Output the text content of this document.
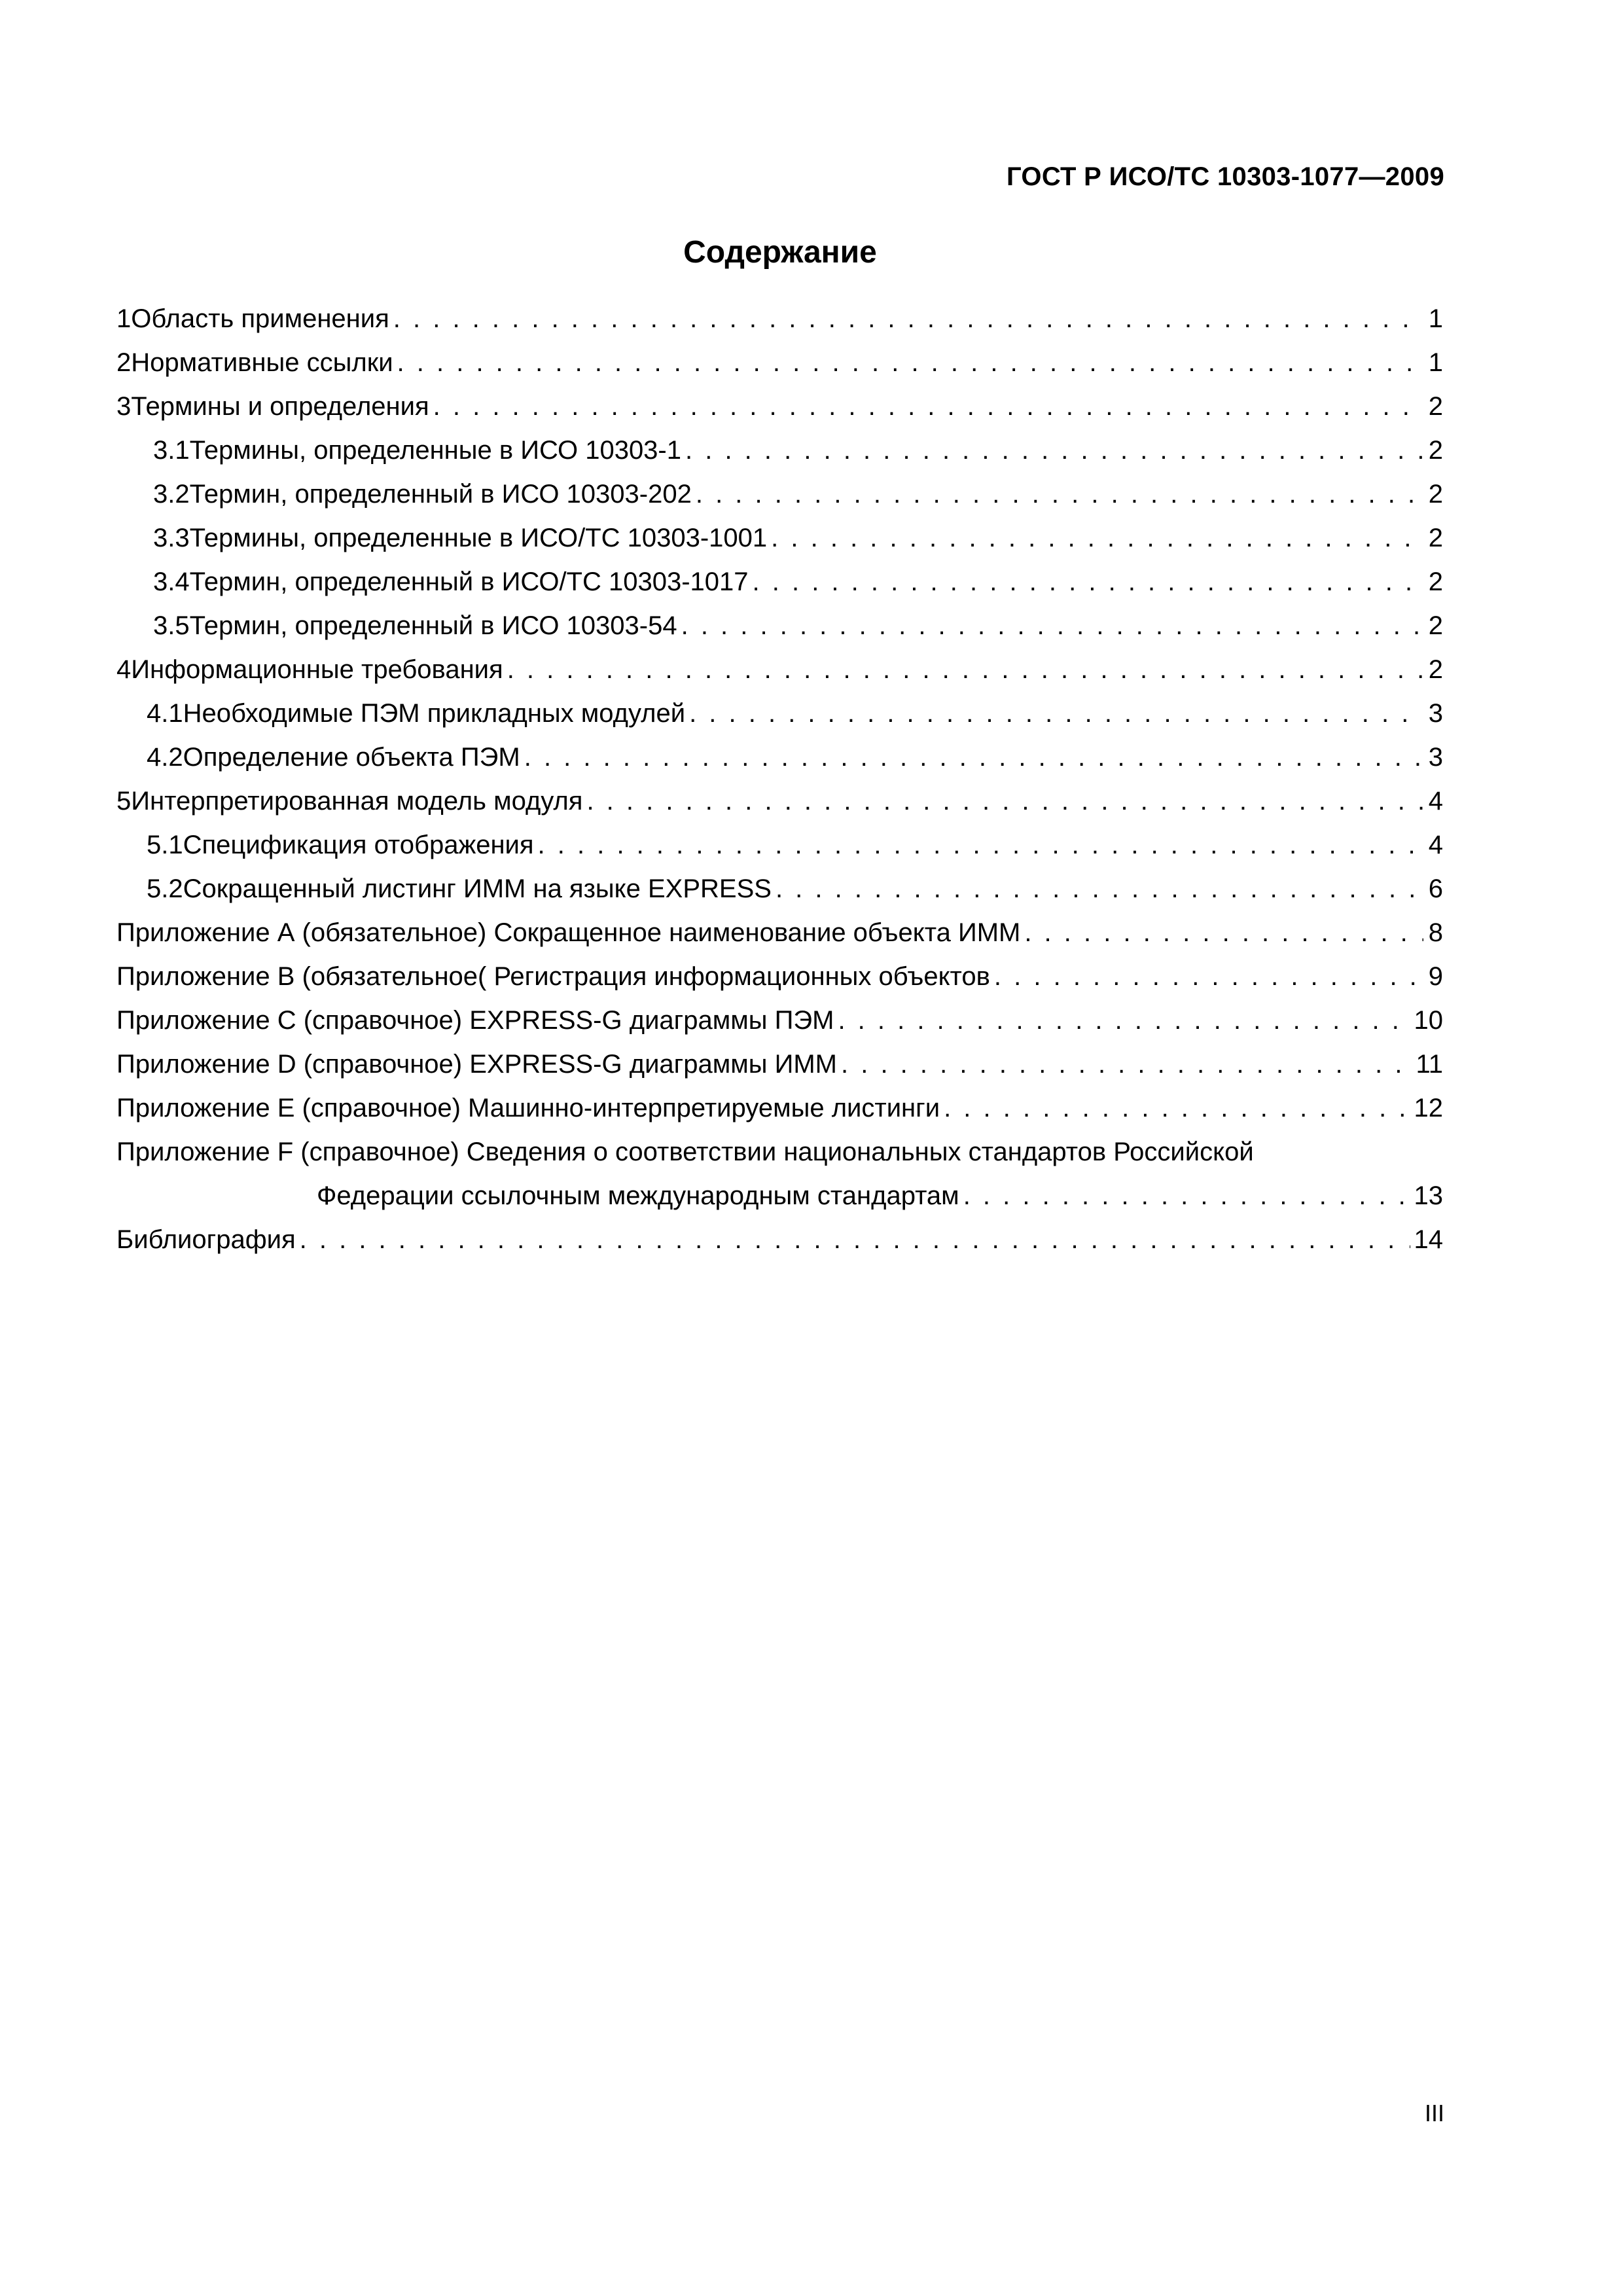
ГОСТ Р ИСО/ТС 10303-1077—2009
Содержание
1 Область применения . . .	1
2 Нормативные ссылки . . .	1
3 Термины и определения . . .	2
3.1 Термины, определенные в ИСО 10303-1 . . .	2
3.2 Термин, определенный в ИСО 10303-202 . . .	2
3.3 Термины, определенные в ИСО/ТС 10303-1001 . . .	2
3.4 Термин, определенный в ИСО/ТС 10303-1017 . . .	2
3.5 Термин, определенный в ИСО 10303-54 . . .	2
4 Информационные требования . . .	2
4.1 Необходимые ПЭМ прикладных модулей . . .	3
4.2 Определение объекта ПЭМ . . .	3
5 Интерпретированная модель модуля . . .	4
5.1 Спецификация отображения . . .	4
5.2 Сокращенный листинг ИММ на языке EXPRESS . . .	6
Приложение А (обязательное) Сокращенное наименование объекта ИММ . . .	8
Приложение В (обязательное( Регистрация информационных объектов . . .	9
Приложение С (справочное) EXPRESS-G диаграммы ПЭМ . . .	10
Приложение D (справочное) EXPRESS-G диаграммы ИММ . . .	11
Приложение Е (справочное) Машинно-интерпретируемые листинги . . .	12
Приложение F (справочное) Сведения о соответствии национальных стандартов Российской
Федерации ссылочным международным стандартам . . .	13
Библиография . . .	14
III
